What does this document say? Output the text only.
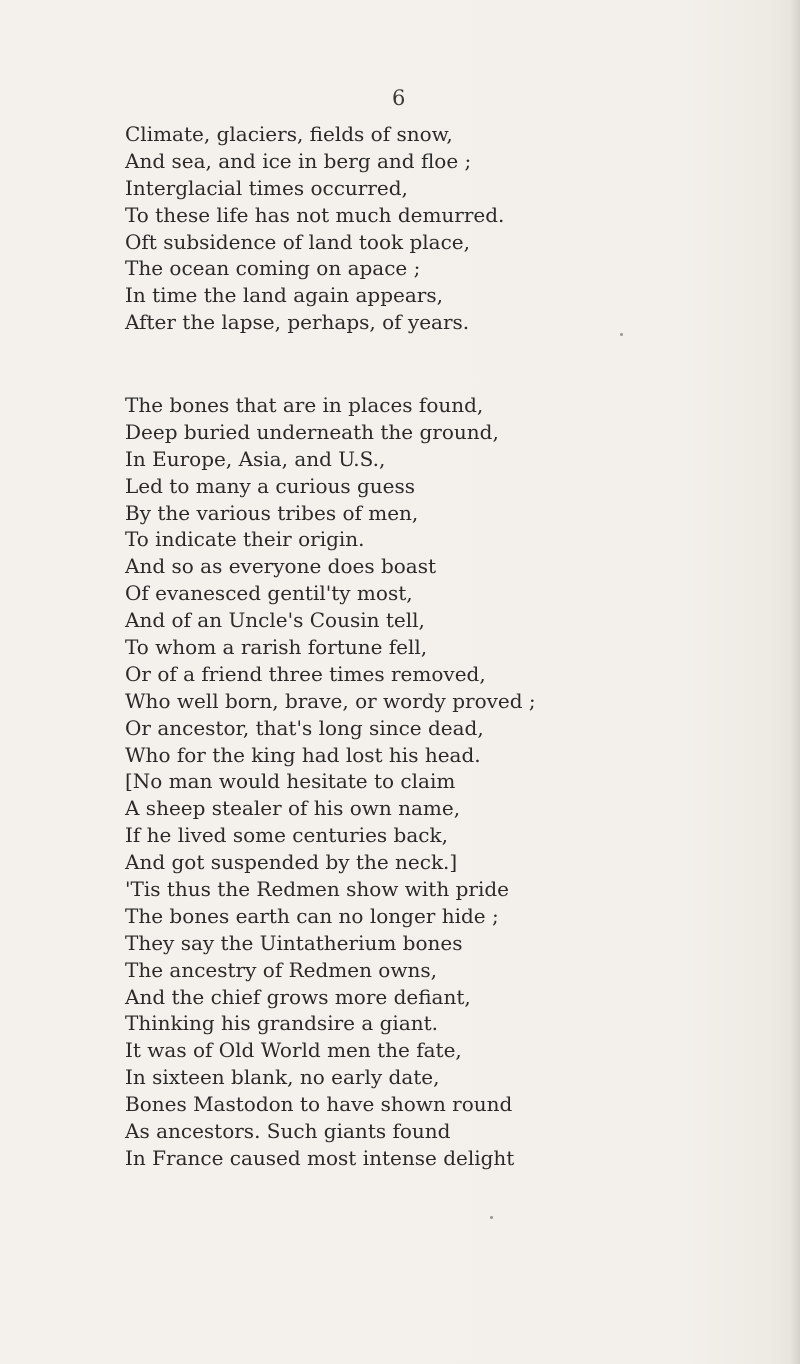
6
Climate, glaciers, fields of snow,
And sea, and ice in berg and floe ;
Interglacial times occurred,
To these life has not much demurred.
Oft subsidence of land took place,
The ocean coming on apace ;
In time the land again appears,
After the lapse, perhaps, of years.
The bones that are in places found,
Deep buried underneath the ground,
In Europe, Asia, and U.S.,
Led to many a curious guess
By the various tribes of men,
To indicate their origin.
And so as everyone does boast
Of evanesced gentil'ty most,
And of an Uncle's Cousin tell,
To whom a rarish fortune fell,
Or of a friend three times removed,
Who well born, brave, or wordy proved ;
Or ancestor, that's long since dead,
Who for the king had lost his head.
[No man would hesitate to claim
A sheep stealer of his own name,
If he lived some centuries back,
And got suspended by the neck.]
'Tis thus the Redmen show with pride
The bones earth can no longer hide ;
They say the Uintatherium bones
The ancestry of Redmen owns,
And the chief grows more defiant,
Thinking his grandsire a giant.
It was of Old World men the fate,
In sixteen blank, no early date,
Bones Mastodon to have shown round
As ancestors. Such giants found
In France caused most intense delight
